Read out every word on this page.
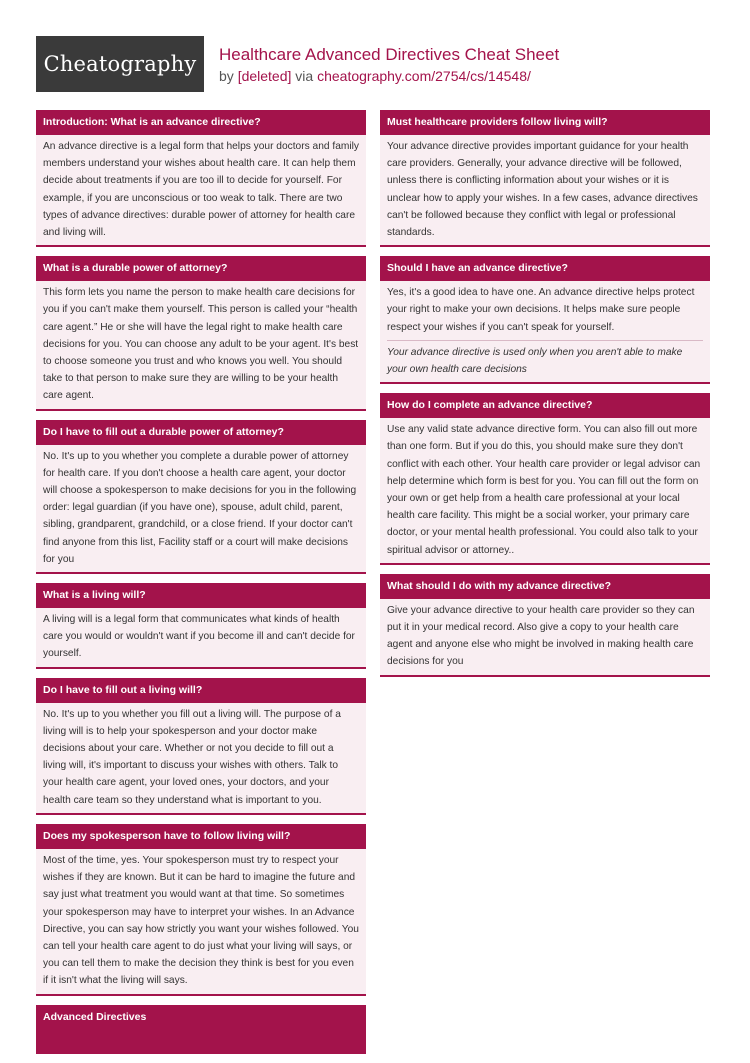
Cheatography	Healthcare Advanced Directives Cheat Sheet
by [deleted] via cheatography.com/2754/cs/14548/
Introduction: What is an advance directive?

An advance directive is a legal form that helps your doctors and family members understand your wishes about health care. It can help them decide about treatments if you are too ill to decide for yourself. For example, if you are unconscious or too weak to talk. There are two types of advance directives: durable power of attorney for health care and living will.

What is a durable power of attorney?

This form lets you name the person to make health care decisions for you if you can't make them yourself. This person is called your “health care agent.” He or she will have the legal right to make health care decisions for you. You can choose any adult to be your agent. It's best to choose someone you trust and who knows you well. You should take to that person to make sure they are willing to be your health care agent.

Do I have to fill out a durable power of attorney?

No. It's up to you whether you complete a durable power of attorney for health care. If you don't choose a health care agent, your doctor will choose a spokesperson to make decisions for you in the following order: legal guardian (if you have one), spouse, adult child, parent, sibling, grandparent, grandchild, or a close friend. If your doctor can't find anyone from this list, Facility staff or a court will make decisions for you

What is a living will?

A living will is a legal form that communicates what kinds of health care you would or wouldn't want if you become ill and can't decide for yourself.

Do I have to fill out a living will?

No. It's up to you whether you fill out a living will. The purpose of a living will is to help your spokesperson and your doctor make decisions about your care. Whether or not you decide to fill out a living will, it's important to discuss your wishes with others. Talk to your health care agent, your loved ones, your doctors, and your health care team so they understand what is important to you.

Does my spokesperson have to follow living will?

Most of the time, yes. Your spokesperson must try to respect your wishes if they are known. But it can be hard to imagine the future and say just what treatment you would want at that time. So sometimes your spokesperson may have to interpret your wishes. In an Advance Directive, you can say how strictly you want your wishes followed. You can tell your health care agent to do just what your living will says, or you can tell them to make the decision they think is best for you even if it isn't what the living will says.

Advanced Directives
Must healthcare providers follow living will?

Your advance directive provides important guidance for your health care providers. Generally, your advance directive will be followed, unless there is conflicting information about your wishes or it is unclear how to apply your wishes. In a few cases, advance directives can't be followed because they conflict with legal or professional standards.

Should I have an advance directive?

Yes, it's a good idea to have one. An advance directive helps protect your right to make your own decisions. It helps make sure people respect your wishes if you can't speak for yourself.

Your advance directive is used only when you aren't able to make your own health care decisions

How do I complete an advance directive?

Use any valid state advance directive form. You can also fill out more than one form. But if you do this, you should make sure they don't conflict with each other. Your health care provider or legal advisor can help determine which form is best for you. You can fill out the form on your own or get help from a health care professional at your local health care facility. This might be a social worker, your primary care doctor, or your mental health professional. You could also talk to your spiritual advisor or attorney..

What should I do with my advance directive?

Give your advance directive to your health care provider so they can put it in your medical record. Also give a copy to your health care agent and anyone else who might be involved in making health care decisions for you
